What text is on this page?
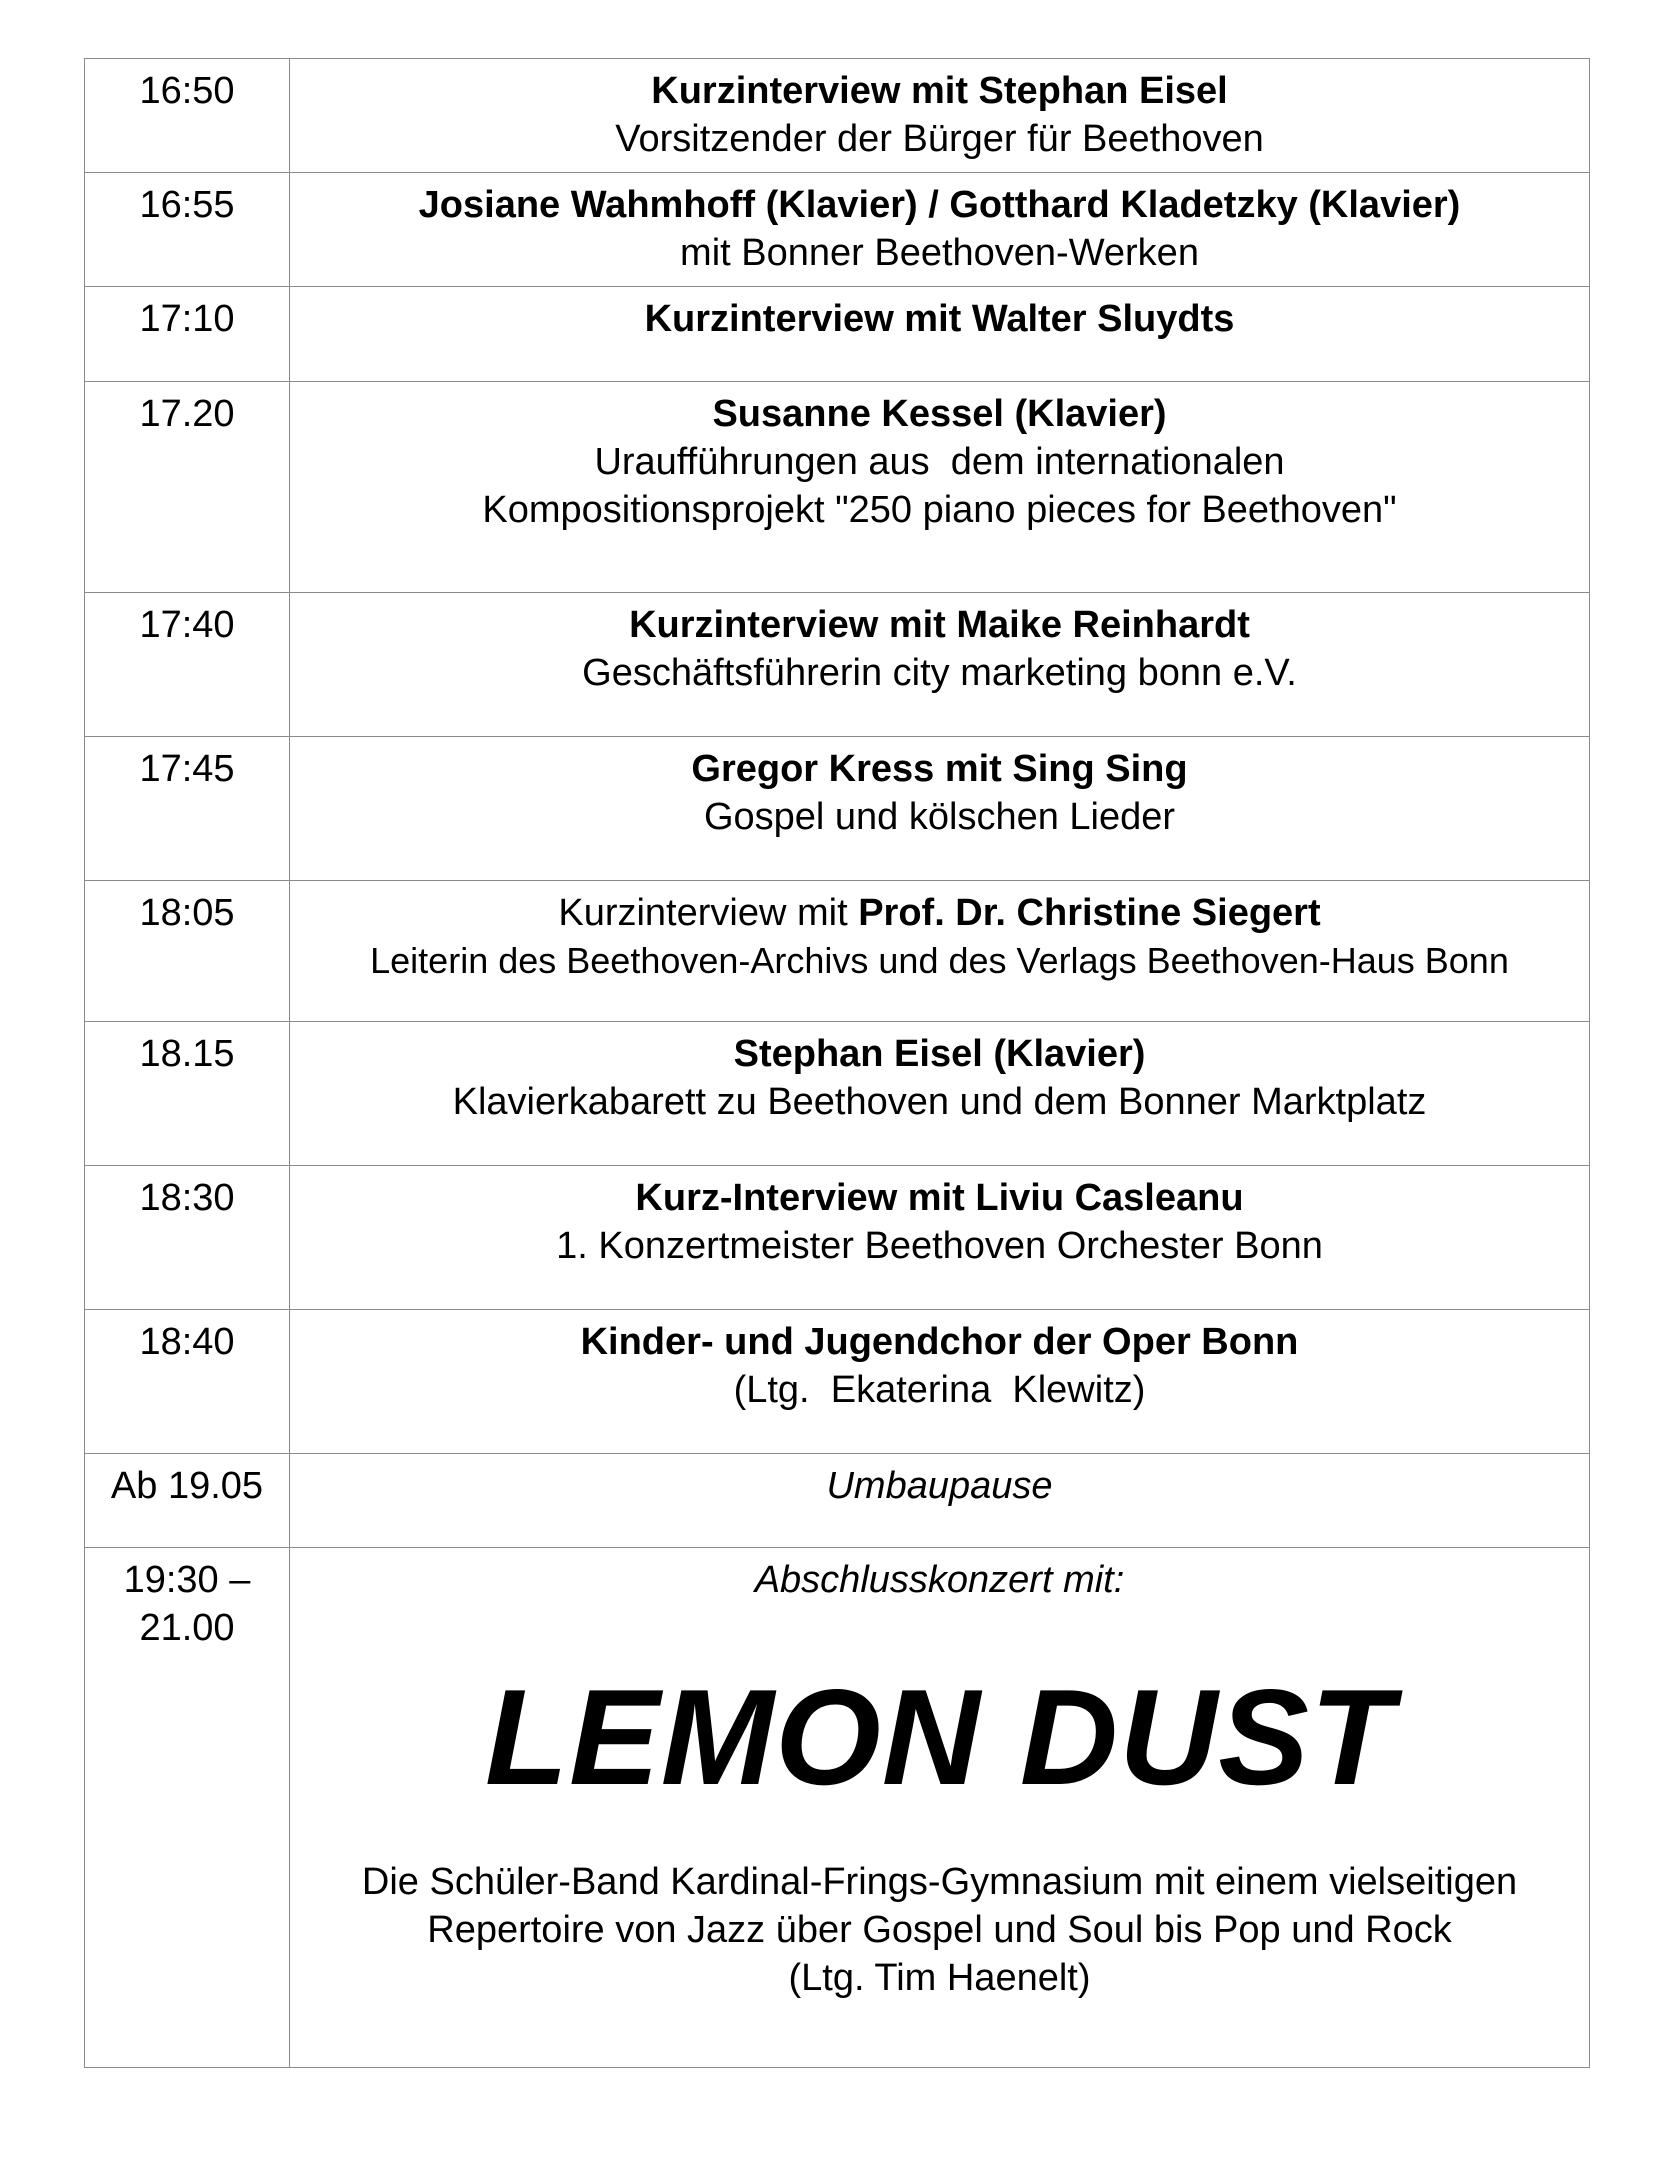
16:50	Kurzinterview mit Stephan Eisel
Vorsitzender der Bürger für Beethoven

16:55	Josiane Wahmhoff (Klavier) / Gotthard Kladetzky (Klavier)
mit Bonner Beethoven-Werken

17:10	Kurzinterview mit Walter Sluydts

17.20	Susanne Kessel (Klavier)
Uraufführungen aus  dem internationalen
Kompositionsprojekt "250 piano pieces for Beethoven"

17:40	Kurzinterview mit Maike Reinhardt
Geschäftsführerin city marketing bonn e.V.

17:45	Gregor Kress mit Sing Sing
Gospel und kölschen Lieder

18:05	Kurzinterview mit Prof. Dr. Christine Siegert
Leiterin des Beethoven-Archivs und des Verlags Beethoven-Haus Bonn

18.15	Stephan Eisel (Klavier)
Klavierkabarett zu Beethoven und dem Bonner Marktplatz

18:30	Kurz-Interview mit Liviu Casleanu
1. Konzertmeister Beethoven Orchester Bonn

18:40	Kinder- und Jugendchor der Oper Bonn
(Ltg.  Ekaterina  Klewitz)

Ab 19.05	Umbaupause

19:30 –
21.00	Abschlusskonzert mit:
LEMON DUST
Die Schüler-Band Kardinal-Frings-Gymnasium mit einem vielseitigen
Repertoire von Jazz über Gospel und Soul bis Pop und Rock
(Ltg. Tim Haenelt)
